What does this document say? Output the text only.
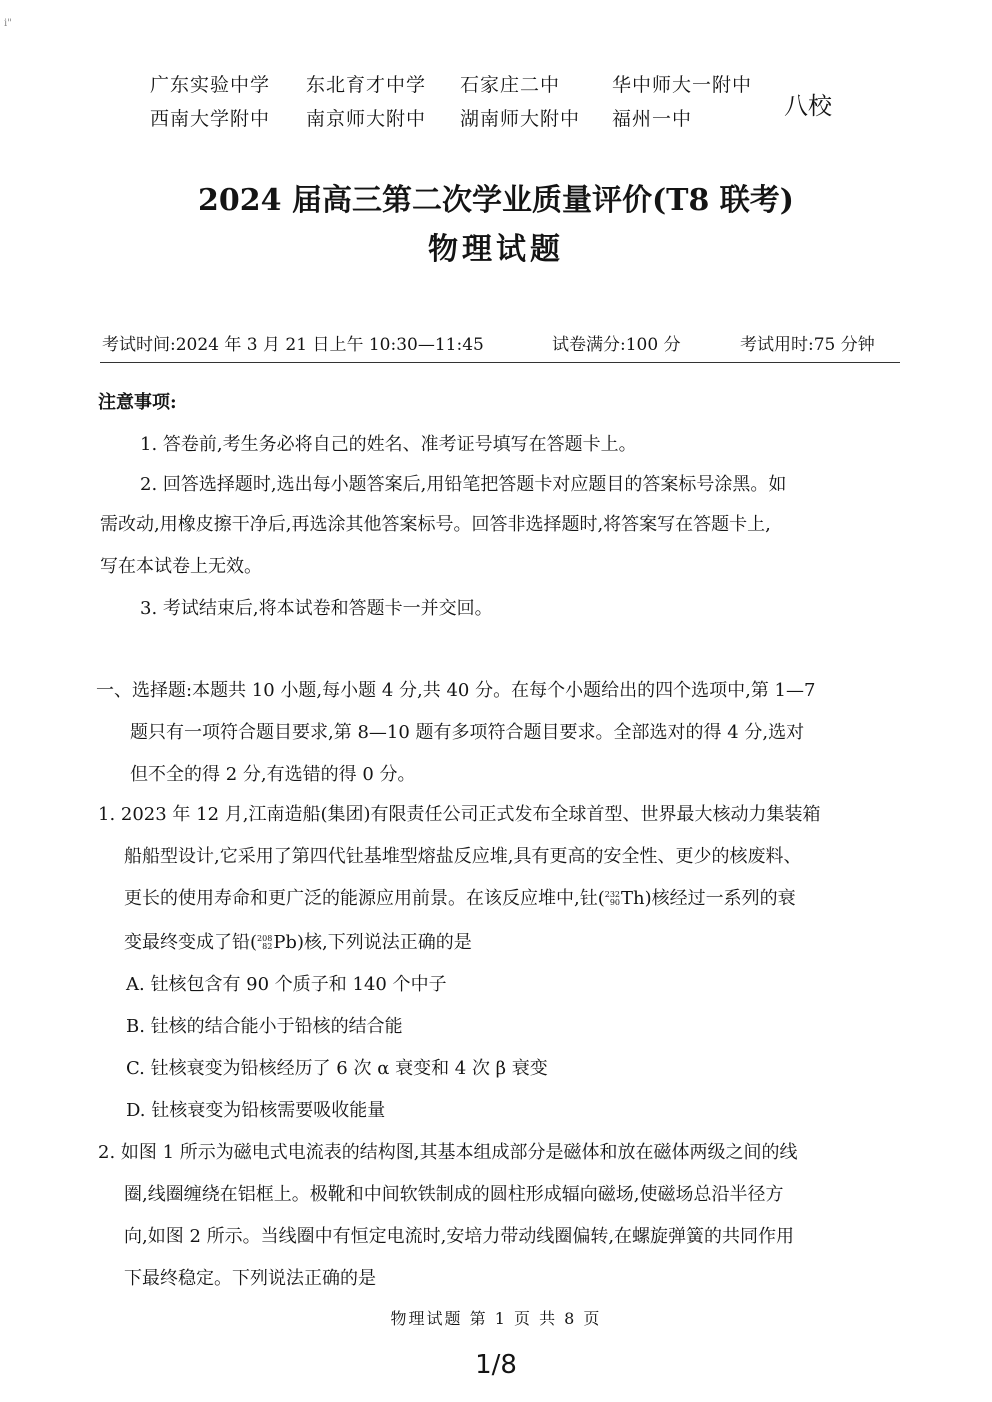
i"
广东实验中学 东北育才中学 石家庄二中	华中师大一附中
西南大学附中 南京师大附中 湖南师大附中 福州一中	八校
2024 届高三第二次学业质量评价(T8 联考)
物理试题
考试时间:2024 年 3 月 21 日上午 10:30—11:45	试卷满分:100 分	考试用时:75 分钟
注意事项:
1. 答卷前,考生务必将自己的姓名、准考证号填写在答题卡上。
2. 回答选择题时,选出每小题答案后,用铅笔把答题卡对应题目的答案标号涂黑。如
需改动,用橡皮擦干净后,再选涂其他答案标号。回答非选择题时,将答案写在答题卡上,
写在本试卷上无效。
3. 考试结束后,将本试卷和答题卡一并交回。
一、选择题:本题共 10 小题,每小题 4 分,共 40 分。在每个小题给出的四个选项中,第 1—7
题只有一项符合题目要求,第 8—10 题有多项符合题目要求。全部选对的得 4 分,选对
但不全的得 2 分,有选错的得 0 分。
1. 2023 年 12 月,江南造船(集团)有限责任公司正式发布全球首型、世界最大核动力集装箱
船船型设计,它采用了第四代钍基堆型熔盐反应堆,具有更高的安全性、更少的核废料、
更长的使用寿命和更广泛的能源应用前景。在该反应堆中,钍( 232
90 Th)核经过一系列的衰
变最终变成了铅( 208
82 Pb)核,下列说法正确的是
A. 钍核包含有 90 个质子和 140 个中子
B. 钍核的结合能小于铅核的结合能
C. 钍核衰变为铅核经历了 6 次 α 衰变和 4 次 β 衰变
D. 钍核衰变为铅核需要吸收能量
2. 如图 1 所示为磁电式电流表的结构图,其基本组成部分是磁体和放在磁体两级之间的线
圈,线圈缠绕在铝框上。极靴和中间软铁制成的圆柱形成辐向磁场,使磁场总沿半径方
向,如图 2 所示。当线圈中有恒定电流时,安培力带动线圈偏转,在螺旋弹簧的共同作用
下最终稳定。下列说法正确的是
物理试题 第 1 页 共 8 页
1/8
